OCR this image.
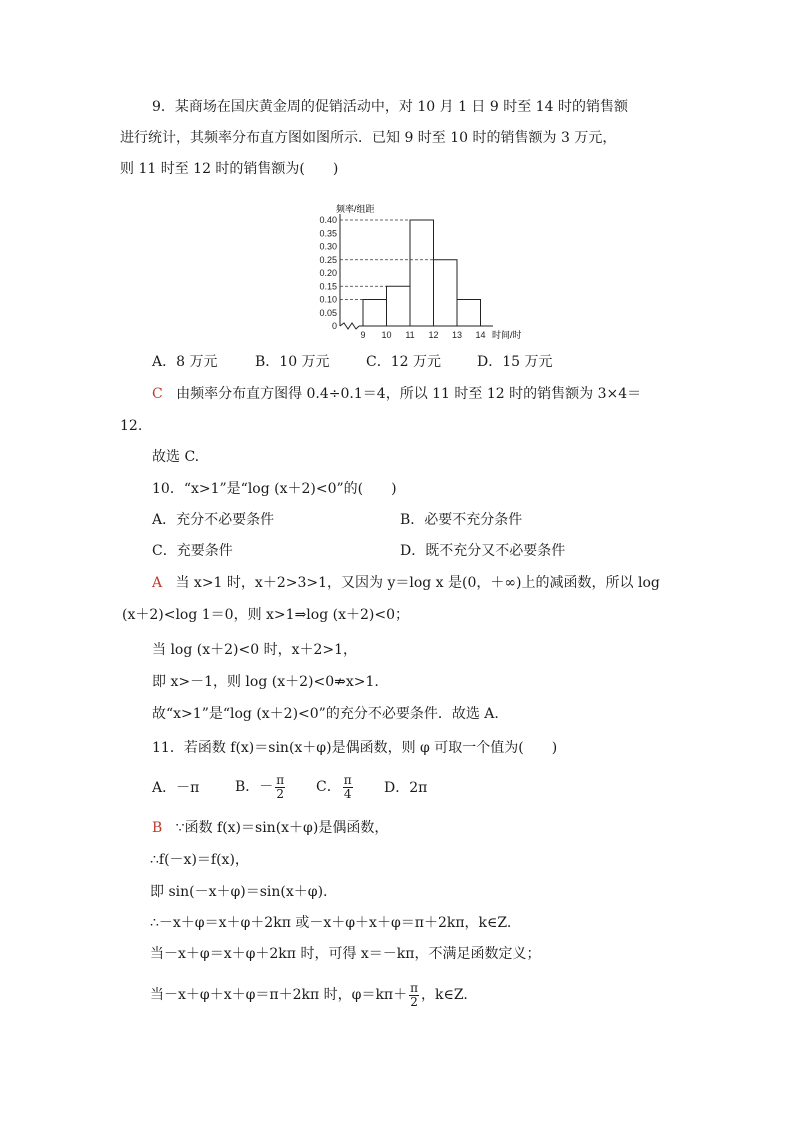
9．某商场在国庆黄金周的促销活动中，对 10 月 1 日 9 时至 14 时的销售额
进行统计，其频率分布直方图如图所示．已知 9 时至 10 时的销售额为 3 万元，
则 11 时至 12 时的销售额为(　　)
频率/组距
时间/时
0.40
0.35
0.30
0.25
0.20
0.15
0.10
0.05
0
9 10 11 12 13 14
A．8 万元	B．10 万元	C．12 万元	D．15 万元
C 由频率分布直方图得 0.4÷0.1＝4，所以 11 时至 12 时的销售额为 3×4＝
12.
故选 C.
10．“x>1”是“log (x＋2)<0”的(　　)
A．充分不必要条件	B．必要不充分条件
C．充要条件	D．既不充分又不必要条件
A 当 x>1 时，x＋2>3>1，又因为 y＝log x 是(0，＋∞)上的减函数，所以 log
(x＋2)<log 1＝0，则 x>1⇒log (x＋2)<0；
当 log (x＋2)<0 时，x＋2>1，
即 x>－1，则 log (x＋2)<0⇏x>1.
故“x>1”是“log (x＋2)<0”的充分不必要条件．故选 A.
11．若函数 f(x)＝sin(x＋φ)是偶函数，则 φ 可取一个值为(　　)
A．－π	B．－ $\frac{\pi}{2}$ C． $\frac{\pi}{4}$ D．2π
B ∵函数 f(x)＝sin(x＋φ)是偶函数，
∴f(－x)＝f(x)，
即 sin(－x＋φ)＝sin(x＋φ).
∴－x＋φ＝x＋φ＋2kπ 或－x＋φ＋x＋φ＝π＋2kπ，k∈Z.
当－x＋φ＝x＋φ＋2kπ 时，可得 x＝－kπ，不满足函数定义；
当－x＋φ＋x＋φ＝π＋2kπ 时，$\varphi=k\pi+ \frac{\pi}{2}$ ，k∈Z.
